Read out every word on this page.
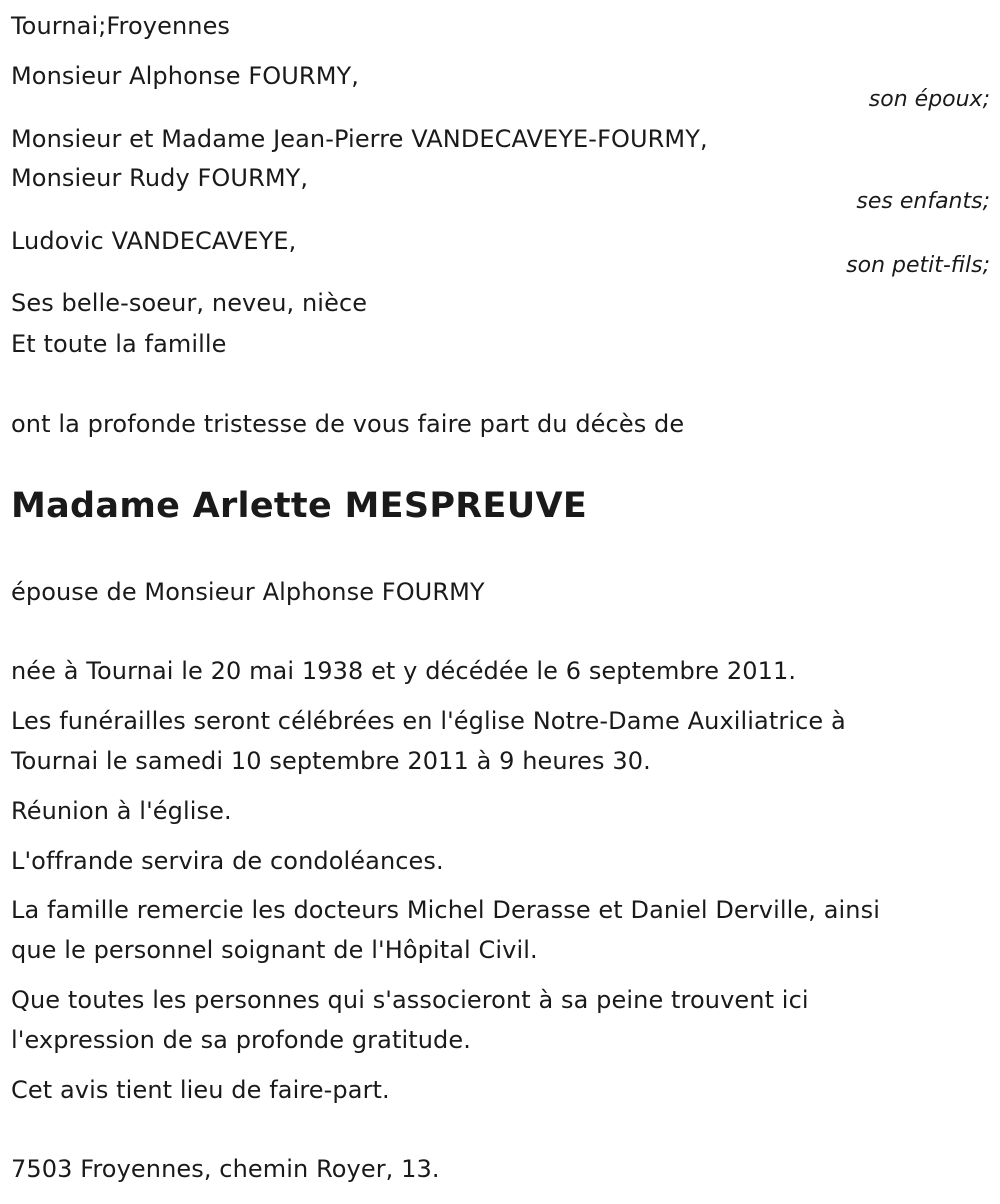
Tournai;Froyennes
Monsieur Alphonse FOURMY,
son époux;
Monsieur et Madame Jean-Pierre VANDECAVEYE-FOURMY,
Monsieur Rudy FOURMY,
ses enfants;
Ludovic VANDECAVEYE,
son petit-fils;
Ses belle-soeur, neveu, nièce
Et toute la famille
ont la profonde tristesse de vous faire part du décès de
Madame Arlette MESPREUVE
épouse de Monsieur Alphonse FOURMY
née à Tournai le 20 mai 1938 et y décédée le 6 septembre 2011.
Les funérailles seront célébrées en l'église Notre-Dame Auxiliatrice à
Tournai le samedi 10 septembre 2011 à 9 heures 30.
Réunion à l'église.
L'offrande servira de condoléances.
La famille remercie les docteurs Michel Derasse et Daniel Derville, ainsi
que le personnel soignant de l'Hôpital Civil.
Que toutes les personnes qui s'associeront à sa peine trouvent ici
l'expression de sa profonde gratitude.
Cet avis tient lieu de faire-part.
7503 Froyennes, chemin Royer, 13.
